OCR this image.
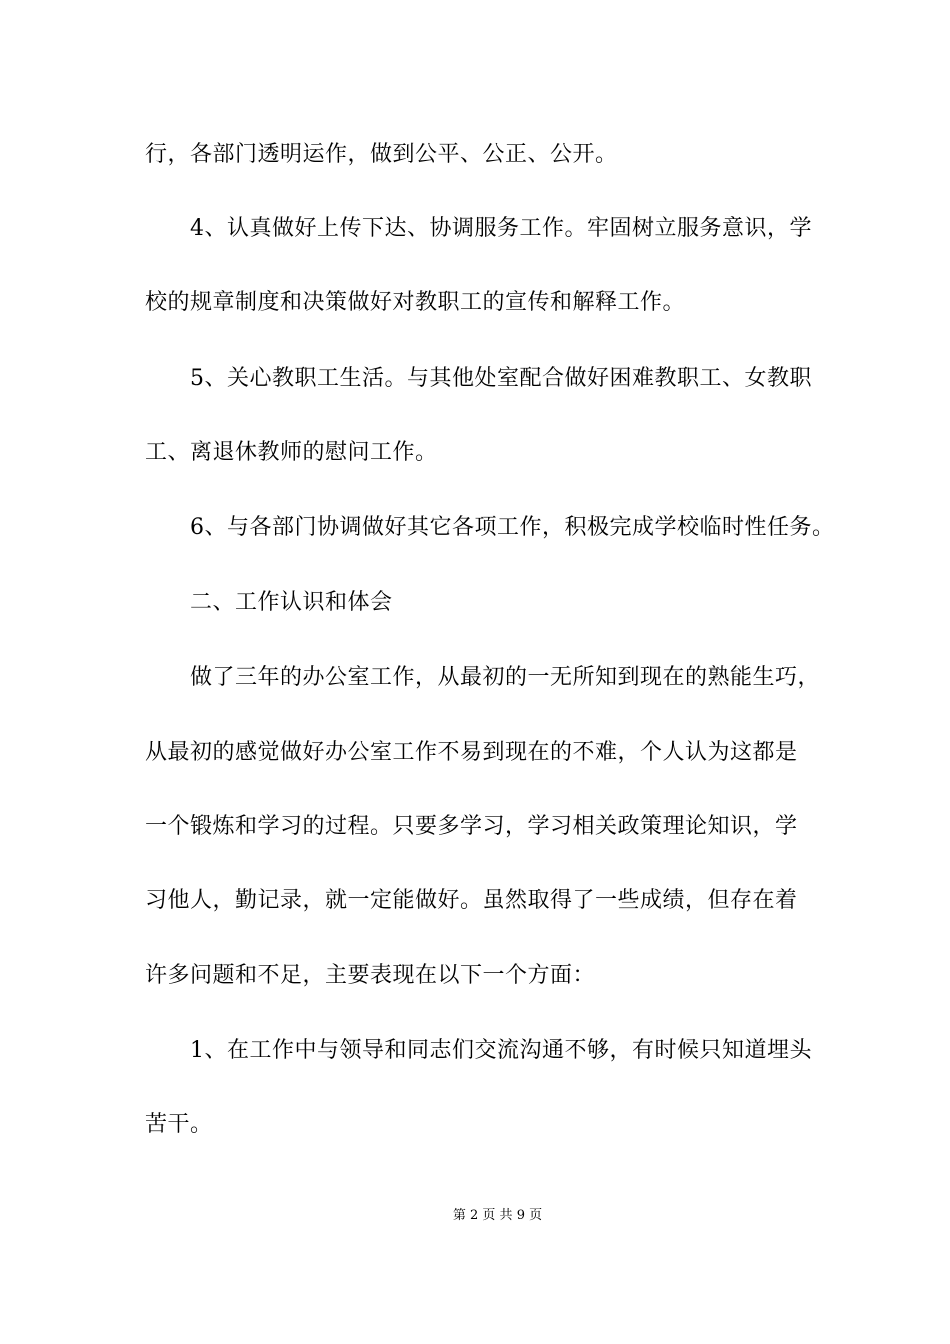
行，各部门透明运作，做到公平、公正、公开。
4、认真做好上传下达、协调服务工作。牢固树立服务意识，学
校的规章制度和决策做好对教职工的宣传和解释工作。
5、关心教职工生活。与其他处室配合做好困难教职工、女教职
工、离退休教师的慰问工作。
6、与各部门协调做好其它各项工作，积极完成学校临时性任务。
二、工作认识和体会
做了三年的办公室工作，从最初的一无所知到现在的熟能生巧，
从最初的感觉做好办公室工作不易到现在的不难，个人认为这都是
一个锻炼和学习的过程。只要多学习，学习相关政策理论知识，学
习他人，勤记录，就一定能做好。虽然取得了一些成绩，但存在着
许多问题和不足，主要表现在以下一个方面：
1、在工作中与领导和同志们交流沟通不够，有时候只知道埋头
苦干。
第 2 页 共 9 页
